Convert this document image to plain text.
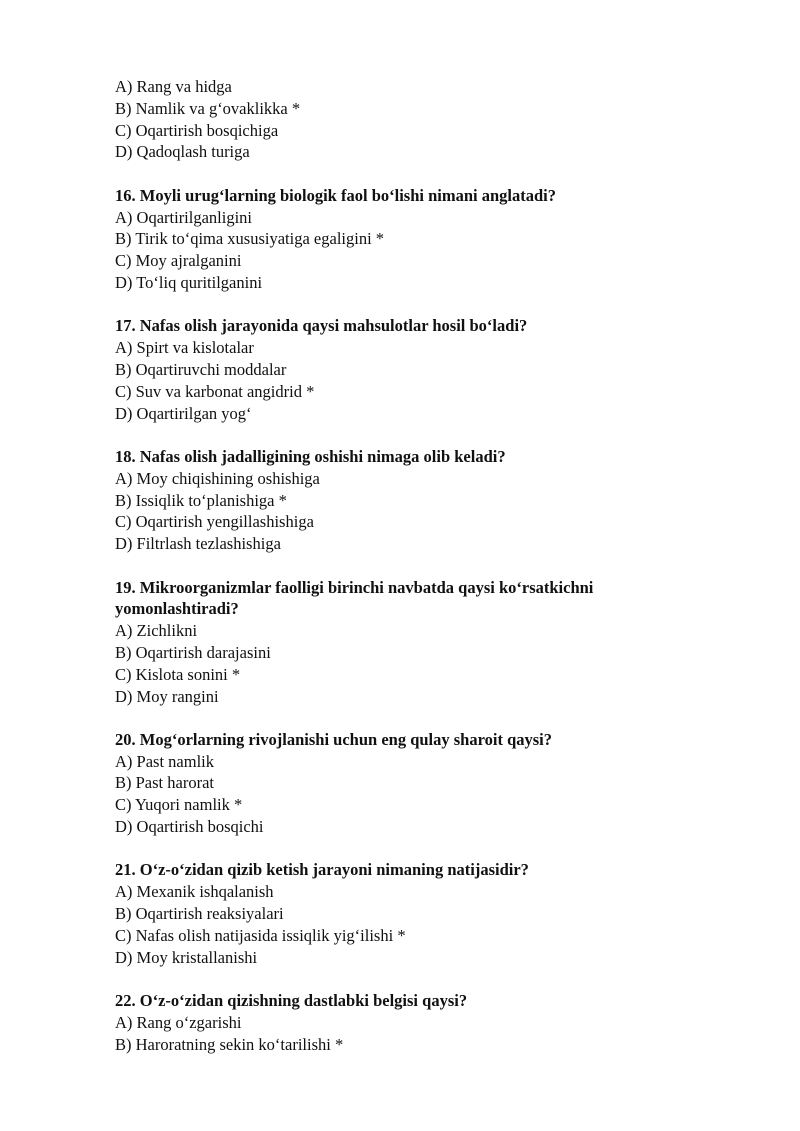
A) Rang va hidga
B) Namlik va g‘ovaklikka *
C) Oqartirish bosqichiga
D) Qadoqlash turiga
16. Moyli urug‘larning biologik faol bo‘lishi nimani anglatadi?
A) Oqartirilganligini
B) Tirik to‘qima xususiyatiga egaligini *
C) Moy ajralganini
D) To‘liq quritilganini
17. Nafas olish jarayonida qaysi mahsulotlar hosil bo‘ladi?
A) Spirt va kislotalar
B) Oqartiruvchi moddalar
C) Suv va karbonat angidrid *
D) Oqartirilgan yog‘
18. Nafas olish jadalligining oshishi nimaga olib keladi?
A) Moy chiqishining oshishiga
B) Issiqlik to‘planishiga *
C) Oqartirish yengillashishiga
D) Filtrlash tezlashishiga
19. Mikroorganizmlar faolligi birinchi navbatda qaysi ko‘rsatkichni
yomonlashtiradi?
A) Zichlikni
B) Oqartirish darajasini
C) Kislota sonini *
D) Moy rangini
20. Mog‘orlarning rivojlanishi uchun eng qulay sharoit qaysi?
A) Past namlik
B) Past harorat
C) Yuqori namlik *
D) Oqartirish bosqichi
21. O‘z-o‘zidan qizib ketish jarayoni nimaning natijasidir?
A) Mexanik ishqalanish
B) Oqartirish reaksiyalari
C) Nafas olish natijasida issiqlik yig‘ilishi *
D) Moy kristallanishi
22. O‘z-o‘zidan qizishning dastlabki belgisi qaysi?
A) Rang o‘zgarishi
B) Haroratning sekin ko‘tarilishi *
